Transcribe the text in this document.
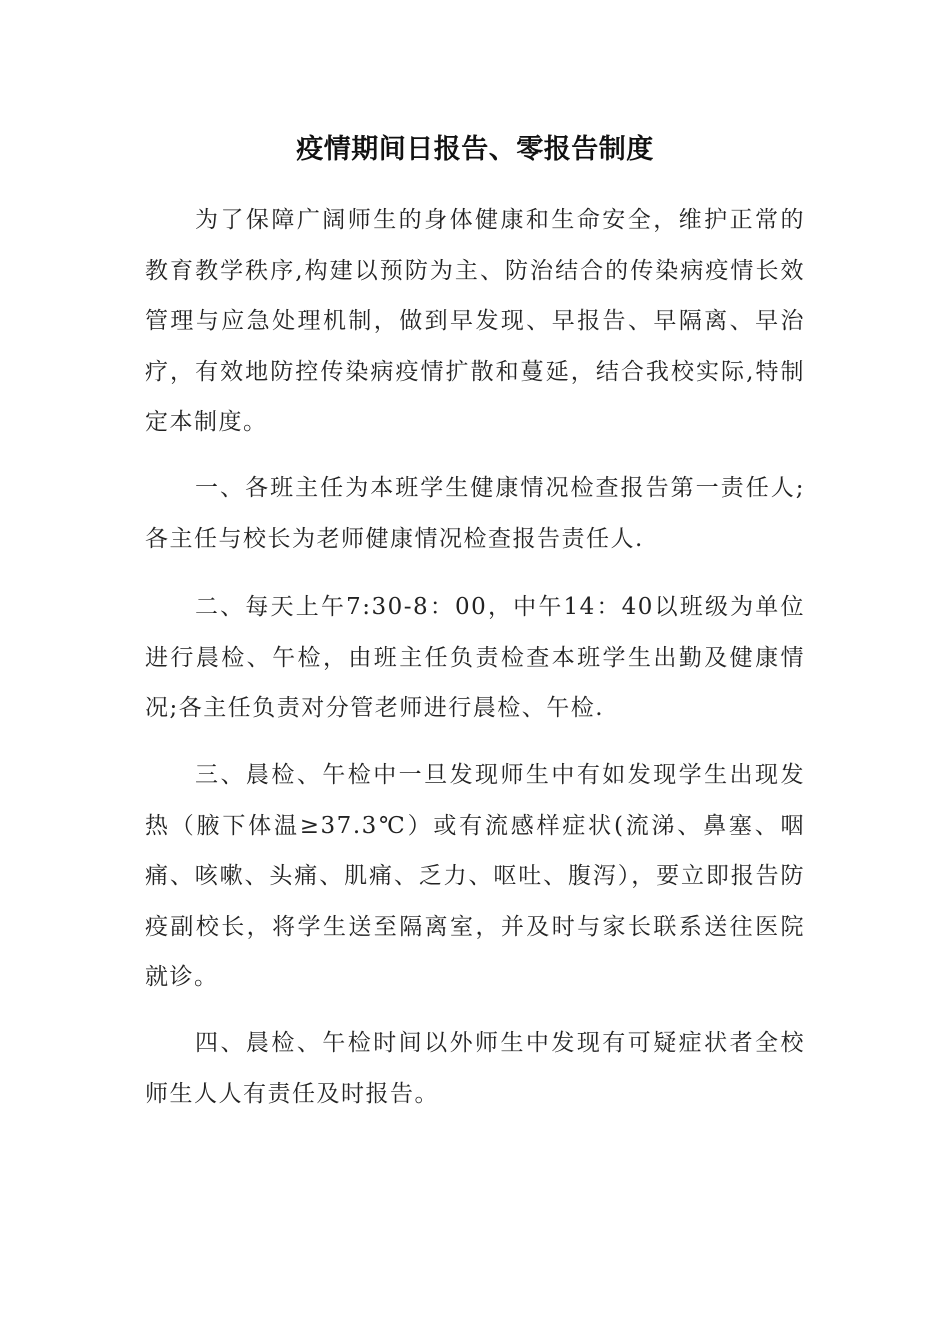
疫情期间日报告、零报告制度

为了保障广阔师生的身体健康和生命安全，维护正常的教育教学秩序,构建以预防为主、防治结合的传染病疫情长效管理与应急处理机制，做到早发现、早报告、早隔离、早治疗，有效地防控传染病疫情扩散和蔓延，结合我校实际,特制定本制度。

一、各班主任为本班学生健康情况检查报告第一责任人;各主任与校长为老师健康情况检查报告责任人.

二、每天上午7:30-8：00，中午14：40以班级为单位进行晨检、午检，由班主任负责检查本班学生出勤及健康情况;各主任负责对分管老师进行晨检、午检.

三、晨检、午检中一旦发现师生中有如发现学生出现发热（腋下体温≥37.3℃）或有流感样症状(流涕、鼻塞、咽痛、咳嗽、头痛、肌痛、乏力、呕吐、腹泻），要立即报告防疫副校长，将学生送至隔离室，并及时与家长联系送往医院就诊。

四、晨检、午检时间以外师生中发现有可疑症状者全校师生人人有责任及时报告。
